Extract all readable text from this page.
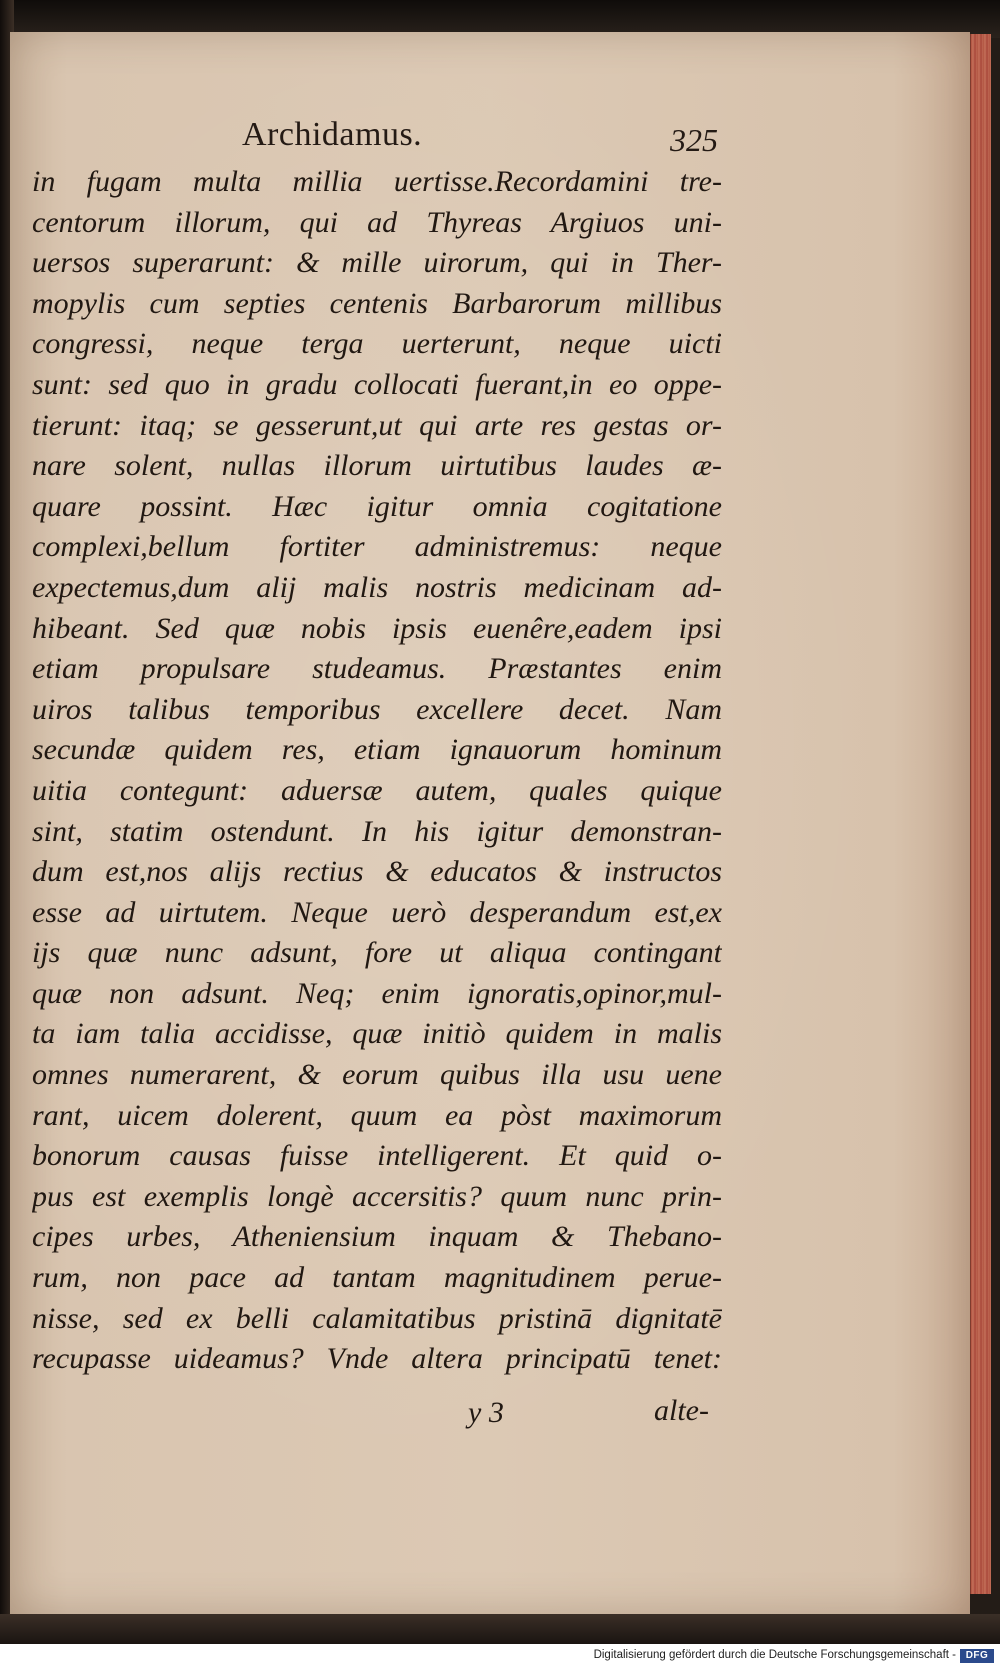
Archidamus.	325
in fugam multa millia uertisse.Recordamini tre-
centorum illorum, qui ad Thyreas Argiuos uni-
uersos superarunt: & mille uirorum, qui in Ther-
mopylis cum septies centenis Barbarorum millibus
congressi, neque terga uerterunt, neque uicti
sunt: sed quo in gradu collocati fuerant,in eo oppe-
tierunt: itaq; se gesserunt,ut qui arte res gestas or-
nare solent, nullas illorum uirtutibus laudes æ-
quare possint. Hæc igitur omnia cogitatione
complexi,bellum fortiter administremus: neque
expectemus,dum alij malis nostris medicinam ad-
hibeant. Sed quæ nobis ipsis euenêre,eadem ipsi
etiam propulsare studeamus. Præstantes enim
uiros talibus temporibus excellere decet. Nam
secundæ quidem res, etiam ignauorum hominum
uitia contegunt: aduersæ autem, quales quique
sint, statim ostendunt. In his igitur demonstran-
dum est,nos alijs rectius & educatos & instructos
esse ad uirtutem. Neque uerò desperandum est,ex
ijs quæ nunc adsunt, fore ut aliqua contingant
quæ non adsunt. Neq; enim ignoratis,opinor,mul-
ta iam talia accidisse, quæ initiò quidem in malis
omnes numerarent, & eorum quibus illa usu uene
rant, uicem dolerent, quum ea pòst maximorum
bonorum causas fuisse intelligerent. Et quid o-
pus est exemplis longè accersitis? quum nunc prin-
cipes urbes, Atheniensium inquam & Thebano-
rum, non pace ad tantam magnitudinem perue-
nisse, sed ex belli calamitatibus pristinā dignitatē
recupasse uideamus? Vnde altera principatū tenet:
y 3	alte-
Digitalisierung gefördert durch die Deutsche Forschungsgemeinschaft - DFG
